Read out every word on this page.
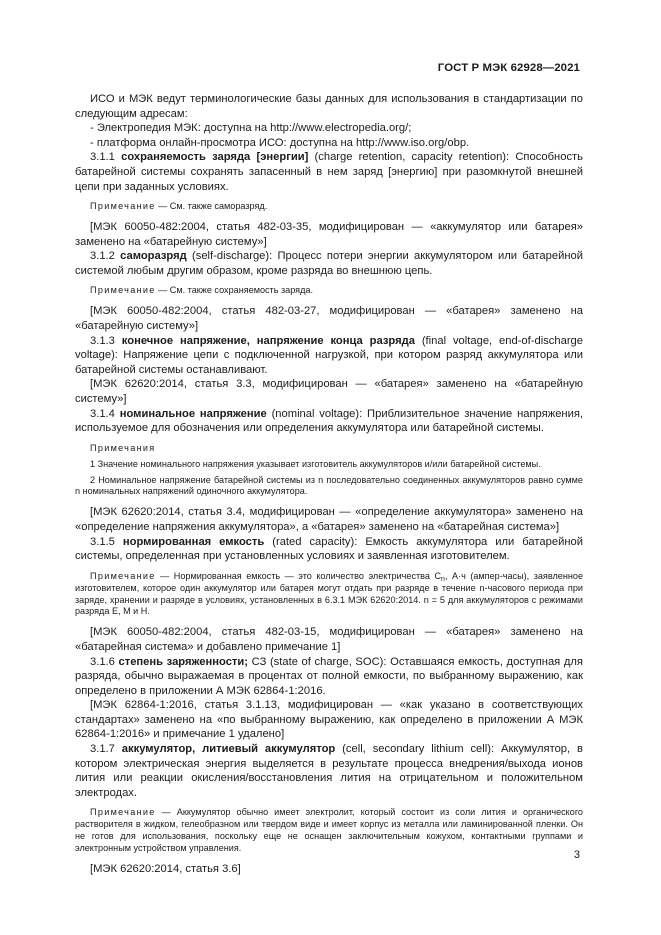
ГОСТ Р МЭК 62928—2021

ИСО и МЭК ведут терминологические базы данных для использования в стандартизации по следующим адресам:

- Электропедия МЭК: доступна на http://www.electropedia.org/;

- платформа онлайн-просмотра ИСО: доступна на http://www.iso.org/obp.

3.1.1 сохраняемость заряда [энергии] (charge retention, capacity retention): Способность батарейной системы сохранять запасенный в нем заряд [энергию] при разомкнутой внешней цепи при заданных условиях.

Примечание — См. также саморазряд.

[МЭК 60050-482:2004, статья 482-03-35, модифицирован — «аккумулятор или батарея» заменено на «батарейную систему»]

3.1.2 саморазряд (self-discharge): Процесс потери энергии аккумулятором или батарейной системой любым другим образом, кроме разряда во внешнюю цепь.

Примечание — См. также сохраняемость заряда.

[МЭК 60050-482:2004, статья 482-03-27, модифицирован — «батарея» заменено на «батарейную систему»]

3.1.3 конечное напряжение, напряжение конца разряда (final voltage, end-of-discharge voltage): Напряжение цепи с подключенной нагрузкой, при котором разряд аккумулятора или батарейной системы останавливают.

[МЭК 62620:2014, статья 3.3, модифицирован — «батарея» заменено на «батарейную систему»]

3.1.4 номинальное напряжение (nominal voltage): Приблизительное значение напряжения, используемое для обозначения или определения аккумулятора или батарейной системы.

Примечания

1 Значение номинального напряжения указывает изготовитель аккумуляторов и/или батарейной системы.

2 Номинальное напряжение батарейной системы из n последовательно соединенных аккумуляторов равно сумме n номинальных напряжений одиночного аккумулятора.

[МЭК 62620:2014, статья 3.4, модифицирован — «определение аккумулятора» заменено на «определение напряжения аккумулятора», а «батарея» заменено на «батарейная система»]

3.1.5 нормированная емкость (rated capacity): Емкость аккумулятора или батарейной системы, определенная при установленных условиях и заявленная изготовителем.

Примечание — Нормированная емкость — это количество электричества $C_n$, А·ч (ампер-часы), заявленное изготовителем, которое один аккумулятор или батарея могут отдать при разряде в течение n-часового периода при заряде, хранении и разряде в условиях, установленных в 6.3.1 МЭК 62620:2014. n = 5 для аккумуляторов с режимами разряда Е, М и Н.

[МЭК 60050-482:2004, статья 482-03-15, модифицирован — «батарея» заменено на «батарейная система» и добавлено примечание 1]

3.1.6 степень заряженности; СЗ (state of charge, SOC): Оставшаяся емкость, доступная для разряда, обычно выражаемая в процентах от полной емкости, по выбранному выражению, как определено в приложении А МЭК 62864-1:2016.

[МЭК 62864-1:2016, статья 3.1.13, модифицирован — «как указано в соответствующих стандартах» заменено на «по выбранному выражению, как определено в приложении А МЭК 62864-1:2016» и примечание 1 удалено]

3.1.7 аккумулятор, литиевый аккумулятор (cell, secondary lithium cell): Аккумулятор, в котором электрическая энергия выделяется в результате процесса внедрения/выхода ионов лития или реакции окисления/восстановления лития на отрицательном и положительном электродах.

Примечание — Аккумулятор обычно имеет электролит, который состоит из соли лития и органического растворителя в жидком, гелеобразном или твердом виде и имеет корпус из металла или ламинированной пленки. Он не готов для использования, поскольку еще не оснащен заключительным кожухом, контактными группами и электронным устройством управления.

[МЭК 62620:2014, статья 3.6]

3
